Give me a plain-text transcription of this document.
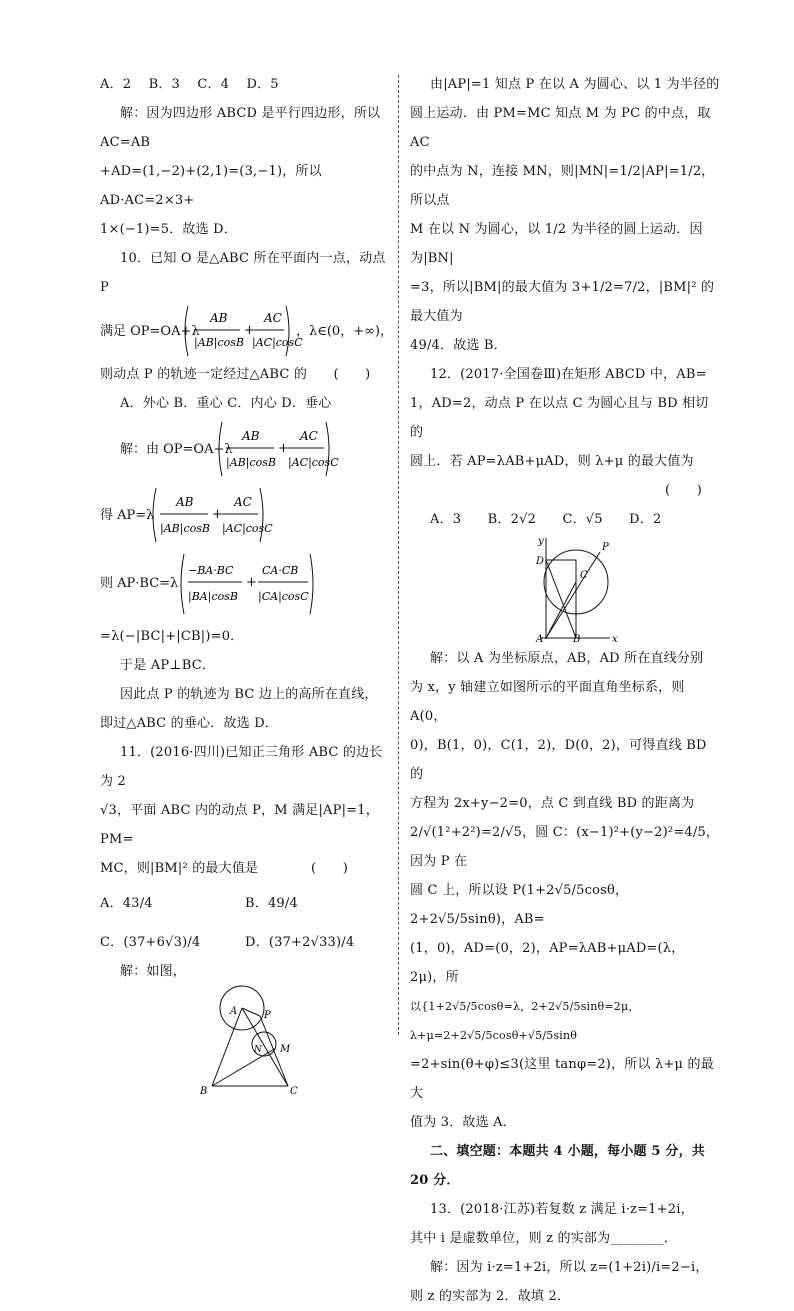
A．2    B．3    C．4    D．5

解：因为四边形 ABCD 是平行四边形，所以 AC=AB

+AD=(1,−2)+(2,1)=(3,−1)，所以 AD·AC=2×3+

1×(−1)=5．故选 D．

10．已知 O 是△ABC 所在平面内一点，动点 P

满足 OP=OA+λ
AB
|AB|cosB
+
AC
|AC|cosC
，λ∈(0，+∞)，

则动点 P 的轨迹一定经过△ABC 的　　(　　)

A．外心 B．重心 C．内心 D．垂心

解：由 OP=OA+λ
AB
|AB|cosB
+
AC
|AC|cosC
得 AP=λ
AB
|AB|cosB
+
AC
|AC|cosC
则 AP·BC=λ
−BA·BC
|BA|cosB
+
CA·CB
|CA|cosC

=λ(−|BC|+|CB|)=0．

于是 AP⊥BC．

因此点 P 的轨迹为 BC 边上的高所在直线，即过△ABC 的垂心．故选 D．

11．(2016·四川)已知正三角形 ABC 的边长为 2

√3，平面 ABC 内的动点 P，M 满足|AP|=1，PM=

MC，则|BM|² 的最大值是　　　　(　　)

A．43/4	B．49/4

C．(37+6√3)/4	D．(37+2√33)/4

解：如图，

A
B	C
P
M
N

由|AP|=1 知点 P 在以 A 为圆心、以 1 为半径的

圆上运动．由 PM=MC 知点 M 为 PC 的中点，取 AC

的中点为 N，连接 MN，则|MN|=1/2|AP|=1/2，所以点

M 在以 N 为圆心，以 1/2 为半径的圆上运动．因为|BN|

=3，所以|BM|的最大值为 3+1/2=7/2，|BM|² 的最大值为

49/4．故选 B．

12．(2017·全国卷Ⅲ)在矩形 ABCD 中，AB=

1，AD=2，动点 P 在以点 C 为圆心且与 BD 相切的

圆上．若 AP=λAB+μAD，则 λ+μ 的最大值为

(　　)

A．3　　B．2√2　　C．√5　　D．2

y
x
A	B
C
D
P

解：以 A 为坐标原点，AB，AD 所在直线分别

为 x，y 轴建立如图所示的平面直角坐标系，则 A(0，

0)，B(1，0)，C(1，2)，D(0，2)，可得直线 BD 的

方程为 2x+y−2=0，点 C 到直线 BD 的距离为

2/√(1²+2²)=2/√5，圆 C：(x−1)²+(y−2)²=4/5，因为 P 在

圆 C 上，所以设 P(1+2√5/5cosθ，2+2√5/5sinθ)，AB=

(1，0)，AD=(0，2)，AP=λAB+μAD=(λ，2μ)，所

以{1+2√5/5cosθ=λ，2+2√5/5sinθ=2μ， λ+μ=2+2√5/5cosθ+√5/5sinθ

=2+sin(θ+φ)≤3(这里 tanφ=2)，所以 λ+μ 的最大

值为 3．故选 A．

二、填空题：本题共 4 小题，每小题 5 分，共

20 分．

13．(2018·江苏)若复数 z 满足 i·z=1+2i，

其中 i 是虚数单位，则 z 的实部为________．

解：因为 i·z=1+2i，所以 z=(1+2i)/i=2−i，

则 z 的实部为 2．故填 2．
